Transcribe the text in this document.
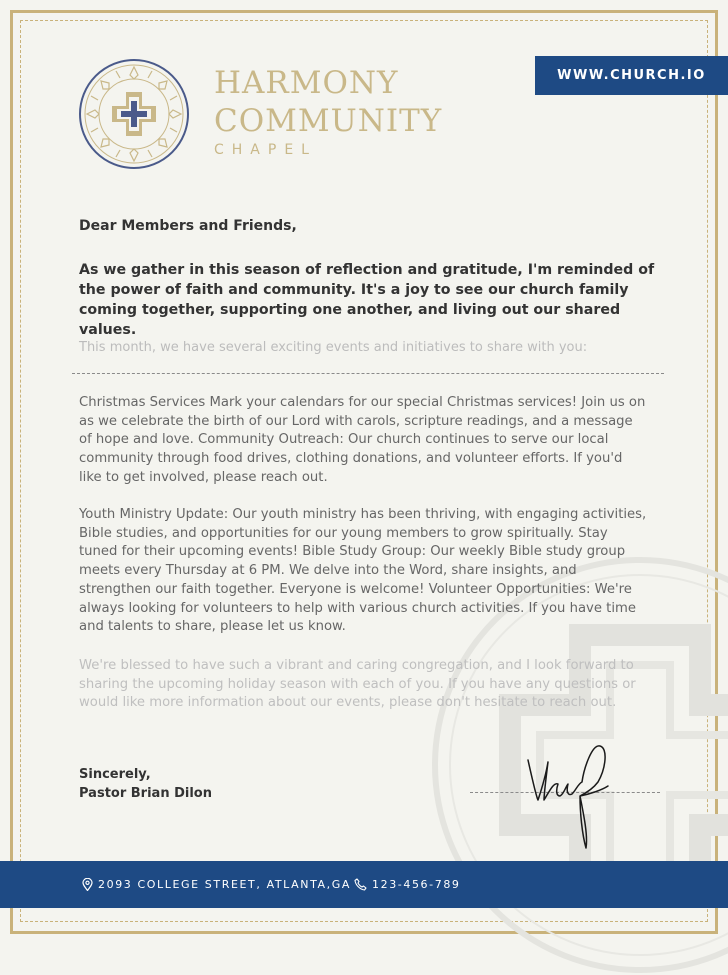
HARMONY
COMMUNITY
CHAPEL
WWW.CHURCH.IO
Dear Members and Friends,

As we gather in this season of reflection and gratitude, I'm reminded of the power of faith and community. It's a joy to see our church family coming together, supporting one another, and living out our shared values.

This month, we have several exciting events and initiatives to share with you:

Christmas Services Mark your calendars for our special Christmas services! Join us on as we celebrate the birth of our Lord with carols, scripture readings, and a message of hope and love. Community Outreach: Our church continues to serve our local community through food drives, clothing donations, and volunteer efforts. If you'd like to get involved, please reach out.

Youth Ministry Update: Our youth ministry has been thriving, with engaging activities, Bible studies, and opportunities for our young members to grow spiritually. Stay tuned for their upcoming events! Bible Study Group: Our weekly Bible study group meets every Thursday at 6 PM. We delve into the Word, share insights, and strengthen our faith together. Everyone is welcome! Volunteer Opportunities: We're always looking for volunteers to help with various church activities. If you have time and talents to share, please let us know.

We're blessed to have such a vibrant and caring congregation, and I look forward to sharing the upcoming holiday season with each of you. If you have any questions or would like more information about our events, please don't hesitate to reach out.

Sincerely,
Pastor Brian Dilon
2093 COLLEGE STREET, ATLANTA,GA 123-456-789
